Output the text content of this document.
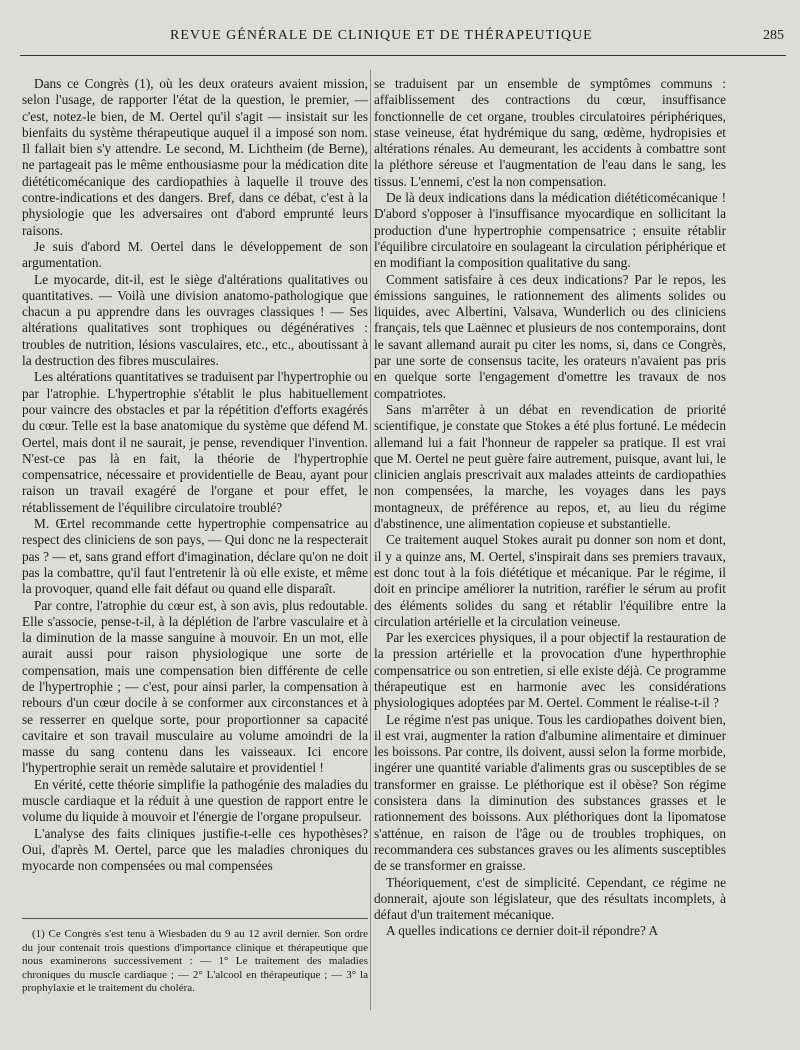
REVUE GÉNÉRALE DE CLINIQUE ET DE THÉRAPEUTIQUE	285

Dans ce Congrès (1), où les deux orateurs avaient mission, selon l'usage, de rapporter l'état de la question, le premier, — c'est, notez-le bien, de M. Oertel qu'il s'agit — insistait sur les bienfaits du système thérapeutique auquel il a imposé son nom. Il fallait bien s'y attendre. Le second, M. Lichtheim (de Berne), ne partageait pas le même enthousiasme pour la médication dite diététicomécanique des cardiopathies à laquelle il trouve des contre-indications et des dangers. Bref, dans ce débat, c'est à la physiologie que les adversaires ont d'abord emprunté leurs raisons.

Je suis d'abord M. Oertel dans le développement de son argumentation.

Le myocarde, dit-il, est le siège d'altérations qualitatives ou quantitatives. — Voilà une division anatomo-pathologique que chacun a pu apprendre dans les ouvrages classiques ! — Ses altérations qualitatives sont trophiques ou dégénératives : troubles de nutrition, lésions vasculaires, etc., etc., aboutissant à la destruction des fibres musculaires.

Les altérations quantitatives se traduisent par l'hypertrophie ou par l'atrophie. L'hypertrophie s'établit le plus habituellement pour vaincre des obstacles et par la répétition d'efforts exagérés du cœur. Telle est la base anatomique du système que défend M. Oertel, mais dont il ne saurait, je pense, revendiquer l'invention. N'est-ce pas là en fait, la théorie de l'hypertrophie compensatrice, nécessaire et providentielle de Beau, ayant pour raison un travail exagéré de l'organe et pour effet, le rétablissement de l'équilibre circulatoire troublé?

M. Œrtel recommande cette hypertrophie compensatrice au respect des cliniciens de son pays, — Qui donc ne la respecterait pas ? — et, sans grand effort d'imagination, déclare qu'on ne doit pas la combattre, qu'il faut l'entretenir là où elle existe, et même la provoquer, quand elle fait défaut ou quand elle disparaît.

Par contre, l'atrophie du cœur est, à son avis, plus redoutable. Elle s'associe, pense-t-il, à la déplétion de l'arbre vasculaire et à la diminution de la masse sanguine à mouvoir. En un mot, elle aurait aussi pour raison physiologique une sorte de compensation, mais une compensation bien différente de celle de l'hypertrophie ; — c'est, pour ainsi parler, la compensation à rebours d'un cœur docile à se conformer aux circonstances et à se resserrer en quelque sorte, pour proportionner sa capacité cavitaire et son travail musculaire au volume amoindri de la masse du sang contenu dans les vaisseaux. Ici encore l'hypertrophie serait un remède salutaire et providentiel !

En vérité, cette théorie simplifie la pathogénie des maladies du muscle cardiaque et la réduit à une question de rapport entre le volume du liquide à mouvoir et l'énergie de l'organe propulseur.

L'analyse des faits cliniques justifie-t-elle ces hypothèses? Oui, d'après M. Oertel, parce que les maladies chroniques du myocarde non compensées ou mal compensées

se traduisent par un ensemble de symptômes communs : affaiblissement des contractions du cœur, insuffisance fonctionnelle de cet organe, troubles circulatoires périphériques, stase veineuse, état hydrémique du sang, œdème, hydropisies et altérations rénales. Au demeurant, les accidents à combattre sont la pléthore séreuse et l'augmentation de l'eau dans le sang, les tissus. L'ennemi, c'est la non compensation.

De là deux indications dans la médication diététicomécanique ! D'abord s'opposer à l'insuffisance myocardique en sollicitant la production d'une hypertrophie compensatrice ; ensuite rétablir l'équilibre circulatoire en soulageant la circulation périphérique et en modifiant la composition qualitative du sang.

Comment satisfaire à ces deux indications? Par le repos, les émissions sanguines, le rationnement des aliments solides ou liquides, avec Albertini, Valsava, Wunderlich ou des cliniciens français, tels que Laënnec et plusieurs de nos contemporains, dont le savant allemand aurait pu citer les noms, si, dans ce Congrès, par une sorte de consensus tacite, les orateurs n'avaient pas pris en quelque sorte l'engagement d'omettre les travaux de nos compatriotes.

Sans m'arrêter à un débat en revendication de priorité scientifique, je constate que Stokes a été plus fortuné. Le médecin allemand lui a fait l'honneur de rappeler sa pratique. Il est vrai que M. Oertel ne peut guère faire autrement, puisque, avant lui, le clinicien anglais prescrivait aux malades atteints de cardiopathies non compensées, la marche, les voyages dans les pays montagneux, de préférence au repos, et, au lieu du régime d'abstinence, une alimentation copieuse et substantielle.

Ce traitement auquel Stokes aurait pu donner son nom et dont, il y a quinze ans, M. Oertel, s'inspirait dans ses premiers travaux, est donc tout à la fois diététique et mécanique. Par le régime, il doit en principe améliorer la nutrition, raréfier le sérum au profit des éléments solides du sang et rétablir l'équilibre entre la circulation artérielle et la circulation veineuse.

Par les exercices physiques, il a pour objectif la restauration de la pression artérielle et la provocation d'une hyperthrophie compensatrice ou son entretien, si elle existe déjà. Ce programme thérapeutique est en harmonie avec les considérations physiologiques adoptées par M. Oertel. Comment le réalise-t-il ?

Le régime n'est pas unique. Tous les cardiopathes doivent bien, il est vrai, augmenter la ration d'albumine alimentaire et diminuer les boissons. Par contre, ils doivent, aussi selon la forme morbide, ingérer une quantité variable d'aliments gras ou susceptibles de se transformer en graisse. Le pléthorique est il obèse? Son régime consistera dans la diminution des substances grasses et le rationnement des boissons. Aux pléthoriques dont la lipomatose s'atténue, en raison de l'âge ou de troubles trophiques, on recommandera ces substances graves ou les aliments susceptibles de se transformer en graisse.

Théoriquement, c'est de simplicité. Cependant, ce régime ne donnerait, ajoute son législateur, que des résultats incomplets, à défaut d'un traitement mécanique.

A quelles indications ce dernier doit-il répondre? A

(1) Ce Congrès s'est tenu à Wiesbaden du 9 au 12 avril dernier. Son ordre du jour contenait trois questions d'importance clinique et thérapeutique que nous examinerons successivement : — 1° Le traitement des maladies chroniques du muscle cardiaque ; — 2° L'alcool en thérapeutique ; — 3° la prophylaxie et le traitement du choléra.
